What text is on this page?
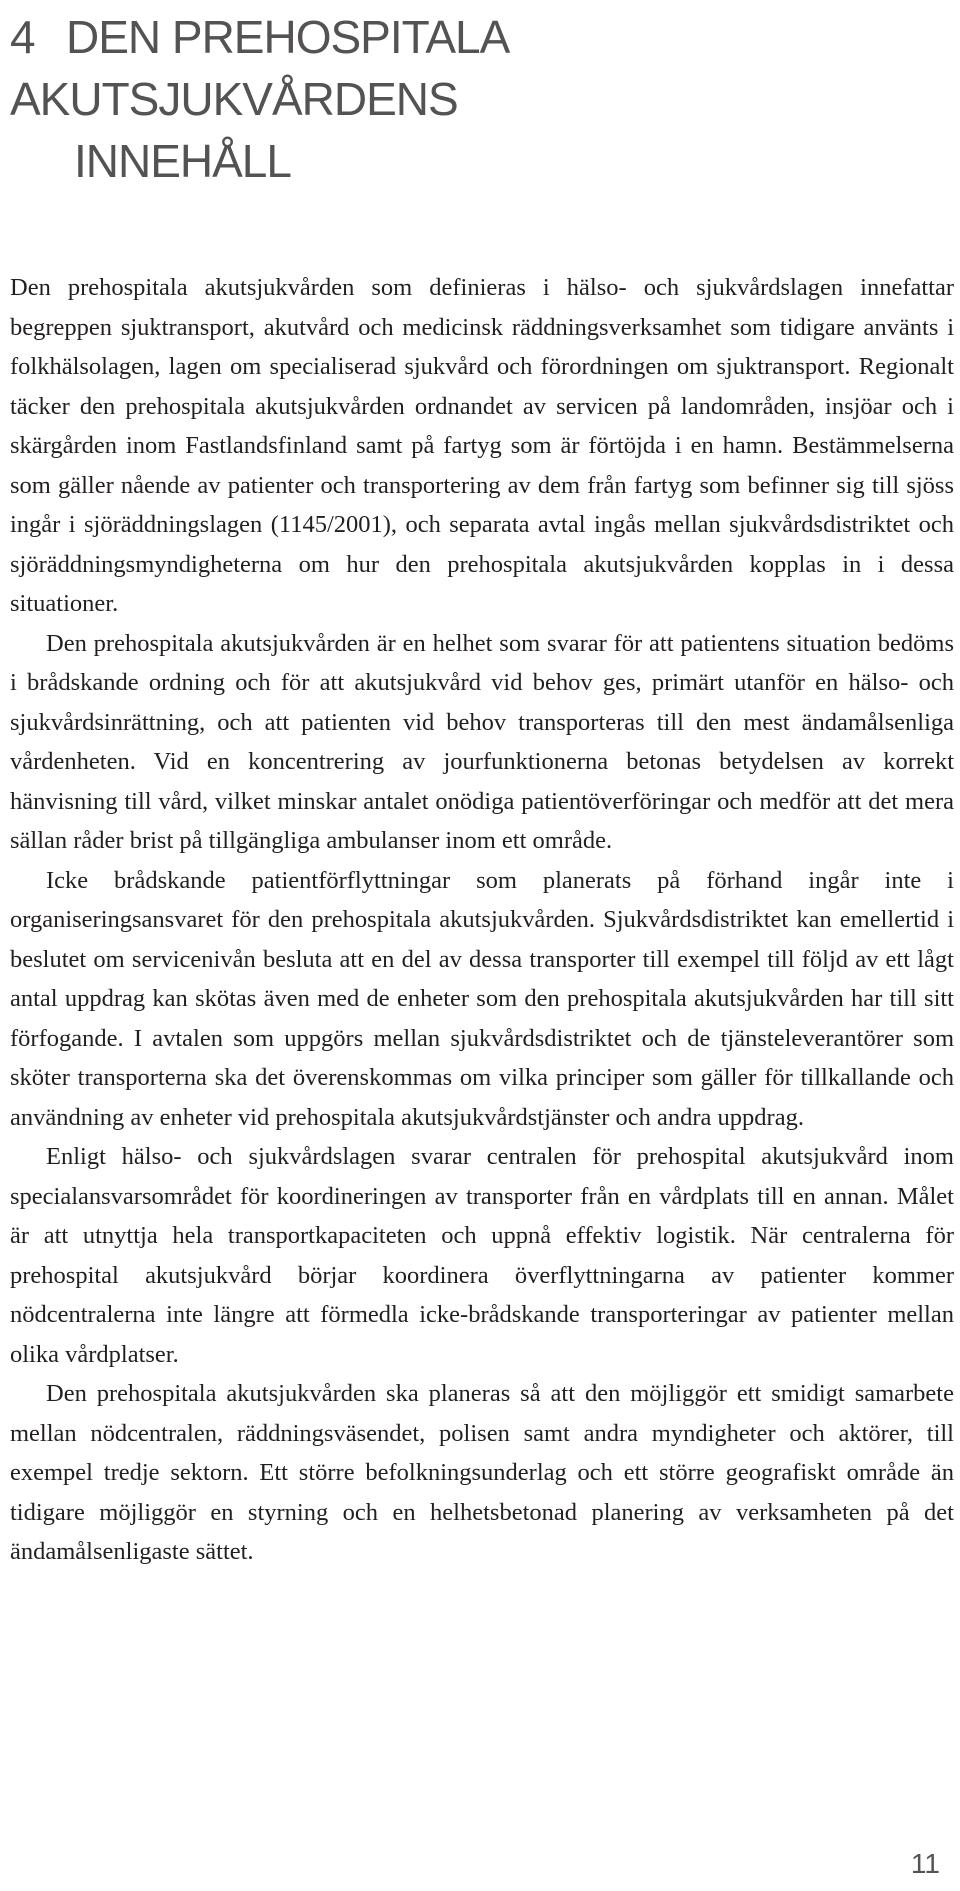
4 DEN PREHOSPITALA AKUTSJUKVÅRDENS
INNEHÅLL

Den prehospitala akutsjukvården som definieras i hälso- och sjukvårdslagen innefattar begreppen sjuktransport, akutvård och medicinsk räddningsverksamhet som tidigare använts i folkhälsolagen, lagen om specialiserad sjukvård och förordningen om sjuktransport. Regionalt täcker den prehospitala akutsjukvården ordnandet av servicen på landområden, insjöar och i skärgården inom Fastlandsfinland samt på fartyg som är förtöjda i en hamn. Bestämmelserna som gäller nående av patienter och transportering av dem från fartyg som befinner sig till sjöss ingår i sjöräddningslagen (1145/2001), och separata avtal ingås mellan sjukvårdsdistriktet och sjöräddningsmyndigheterna om hur den prehospitala akutsjukvården kopplas in i dessa situationer.

Den prehospitala akutsjukvården är en helhet som svarar för att patientens situation bedöms i brådskande ordning och för att akutsjukvård vid behov ges, primärt utanför en hälso- och sjukvårdsinrättning, och att patienten vid behov transporteras till den mest ändamålsenliga vårdenheten. Vid en koncentrering av jourfunktionerna betonas betydelsen av korrekt hänvisning till vård, vilket minskar antalet onödiga patientöverföringar och medför att det mera sällan råder brist på tillgängliga ambulanser inom ett område.

Icke brådskande patientförflyttningar som planerats på förhand ingår inte i organiseringsansvaret för den prehospitala akutsjukvården. Sjukvårdsdistriktet kan emellertid i beslutet om servicenivån besluta att en del av dessa transporter till exempel till följd av ett lågt antal uppdrag kan skötas även med de enheter som den prehospitala akutsjukvården har till sitt förfogande. I avtalen som uppgörs mellan sjukvårdsdistriktet och de tjänsteleverantörer som sköter transporterna ska det överenskommas om vilka principer som gäller för tillkallande och användning av enheter vid prehospitala akutsjukvårdstjänster och andra uppdrag.

Enligt hälso- och sjukvårdslagen svarar centralen för prehospital akutsjukvård inom specialansvarsområdet för koordineringen av transporter från en vårdplats till en annan. Målet är att utnyttja hela transportkapaciteten och uppnå effektiv logistik. När centralerna för prehospital akutsjukvård börjar koordinera överflyttningarna av patienter kommer nödcentralerna inte längre att förmedla icke-brådskande transporteringar av patienter mellan olika vårdplatser.

Den prehospitala akutsjukvården ska planeras så att den möjliggör ett smidigt samarbete mellan nödcentralen, räddningsväsendet, polisen samt andra myndigheter och aktörer, till exempel tredje sektorn. Ett större befolkningsunderlag och ett större geografiskt område än tidigare möjliggör en styrning och en helhetsbetonad planering av verksamheten på det ändamålsenligaste sättet.

11
